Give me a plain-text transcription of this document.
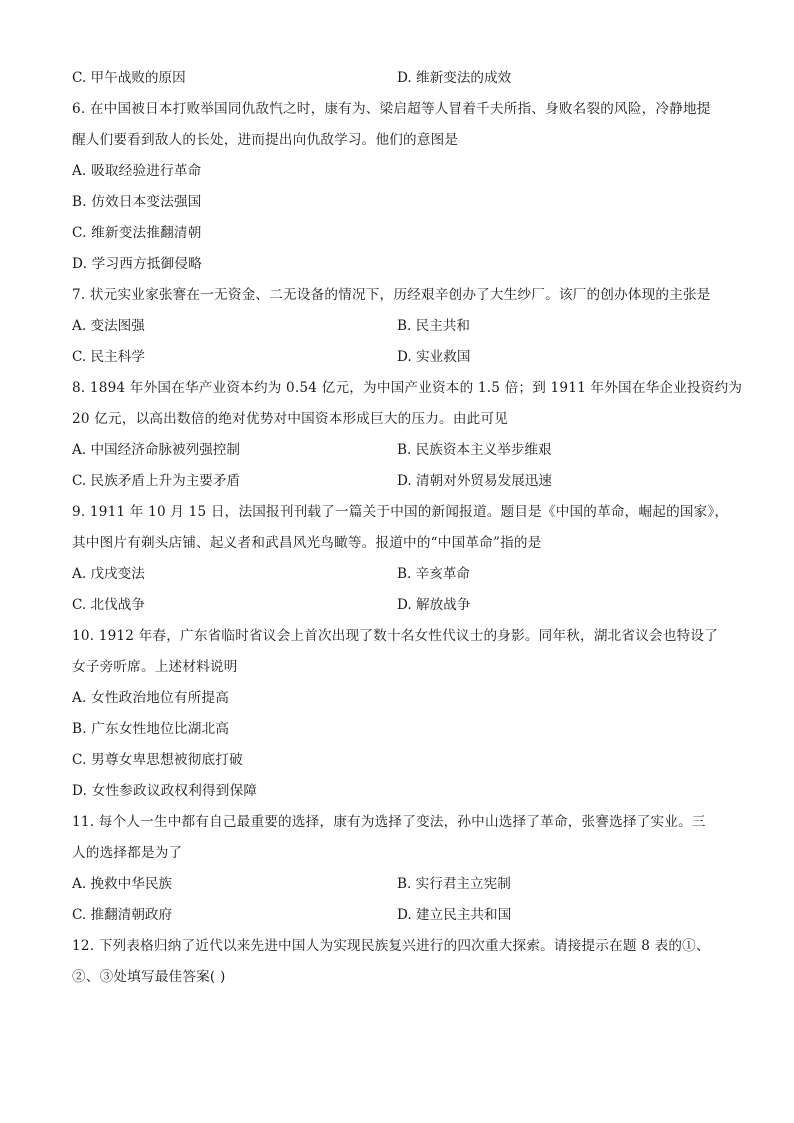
C. 甲午战败的原因	D. 维新变法的成效
6. 在中国被日本打败举国同仇敌忾之时，康有为、梁启超等人冒着千夫所指、身败名裂的风险，冷静地提
醒人们要看到敌人的长处，进而提出向仇敌学习。他们的意图是
A. 吸取经验进行革命
B. 仿效日本变法强国
C. 维新变法推翻清朝
D. 学习西方抵御侵略
7. 状元实业家张謇在一无资金、二无设备的情况下，历经艰辛创办了大生纱厂。该厂的创办体现的主张是
A. 变法图强	B. 民主共和
C. 民主科学	D. 实业救国
8. 1894 年外国在华产业资本约为 0.54 亿元，为中国产业资本的 1.5 倍；到 1911 年外国在华企业投资约为
20 亿元，以高出数倍的绝对优势对中国资本形成巨大的压力。由此可见
A. 中国经济命脉被列强控制	B. 民族资本主义举步维艰
C. 民族矛盾上升为主要矛盾	D. 清朝对外贸易发展迅速
9. 1911 年 10 月 15 日，法国报刊刊载了一篇关于中国的新闻报道。题目是《中国的革命，崛起的国家》，
其中图片有剃头店铺、起义者和武昌风光鸟瞰等。报道中的“中国革命”指的是
A. 戊戌变法	B. 辛亥革命
C. 北伐战争	D. 解放战争
10. 1912 年春，广东省临时省议会上首次出现了数十名女性代议士的身影。同年秋，湖北省议会也特设了
女子旁听席。上述材料说明
A. 女性政治地位有所提高
B. 广东女性地位比湖北高
C. 男尊女卑思想被彻底打破
D. 女性参政议政权利得到保障
11. 每个人一生中都有自己最重要的选择，康有为选择了变法，孙中山选择了革命，张謇选择了实业。三
人的选择都是为了
A. 挽救中华民族	B. 实行君主立宪制
C. 推翻清朝政府	D. 建立民主共和国
12. 下列表格归纳了近代以来先进中国人为实现民族复兴进行的四次重大探索。请接提示在题 8 表的①、
②、③处填写最佳答案( )
